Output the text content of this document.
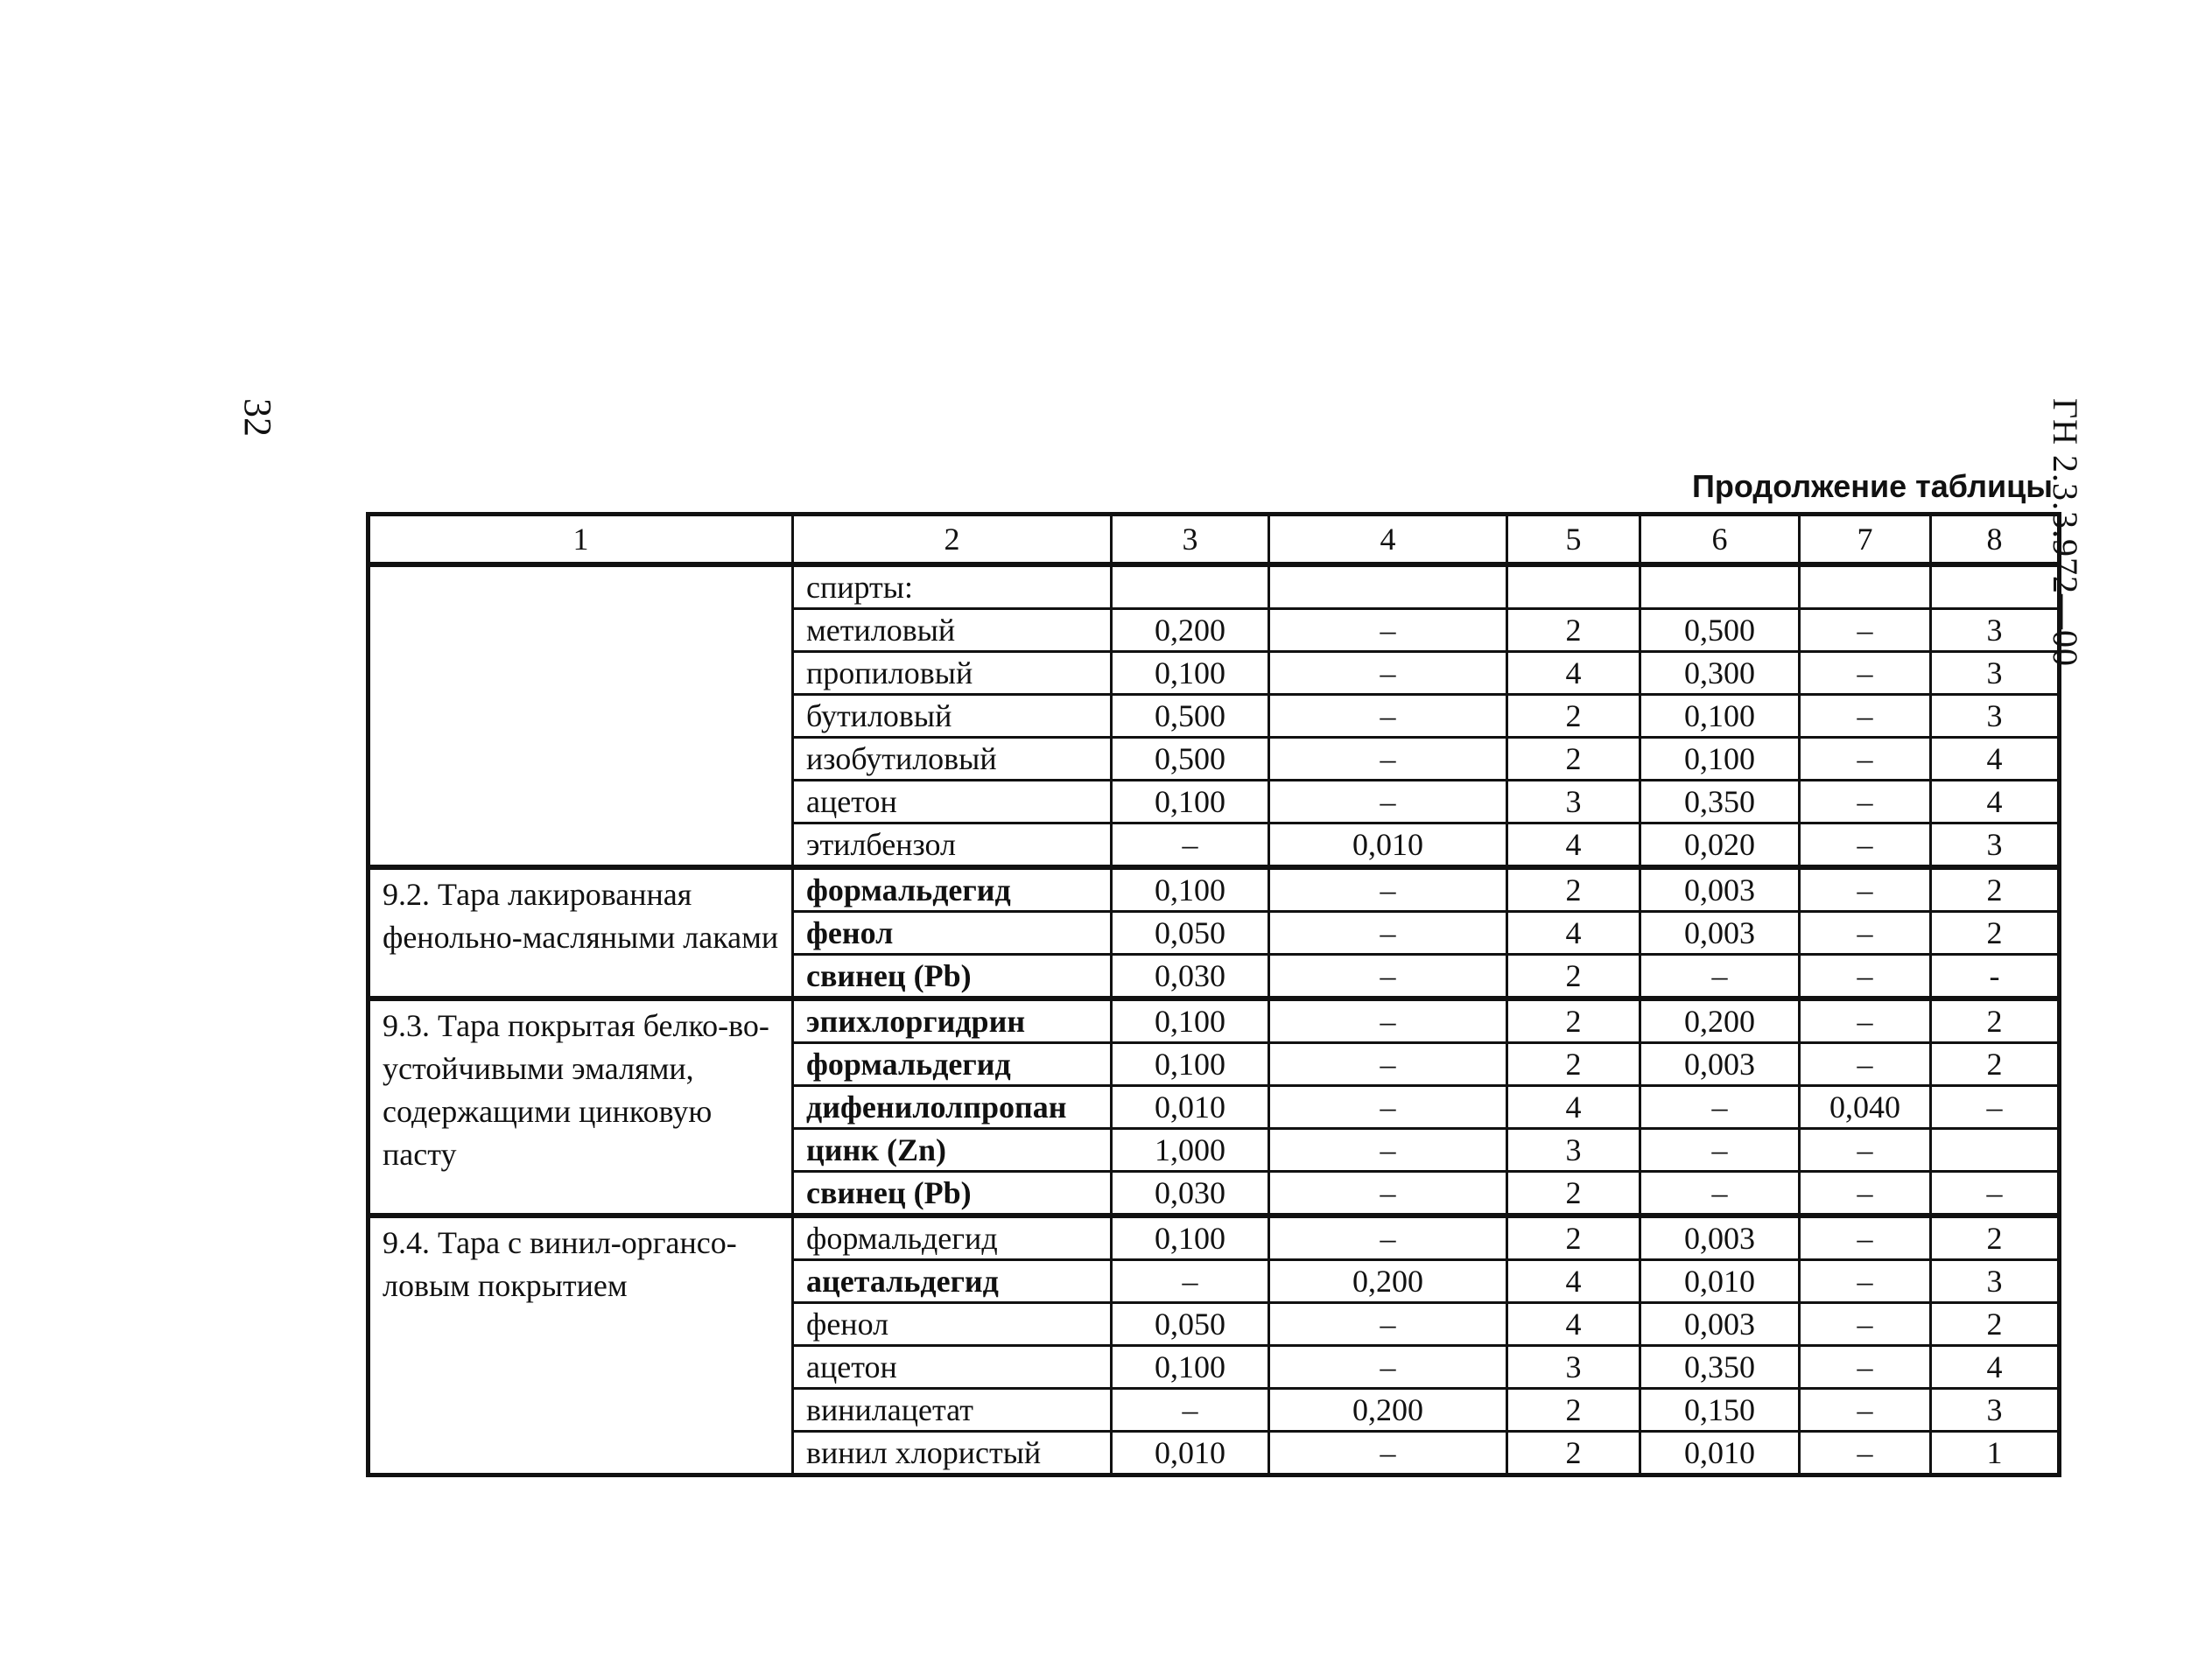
32	ГН 2.3.3.972—00
Продолжение таблицы
1	2	3	4	5	6	7	8
	спирты:						
	метиловый	0,200	–	2	0,500	–	3
	пропиловый	0,100	–	4	0,300	–	3
	бутиловый	0,500	–	2	0,100	–	3
	изобутиловый	0,500	–	2	0,100	–	4
	ацетон	0,100	–	3	0,350	–	4
	этилбензол	–	0,010	4	0,020	–	3
9.2. Тара лакированная фенольно-масляными лаками	формальдегид	0,100	–	2	0,003	–	2
	фенол	0,050	–	4	0,003	–	2
	свинец (Pb)	0,030	–	2	–	–	-
9.3. Тара покрытая белко-во-устойчивыми эмалями, содержащими цинковую пасту	эпихлоргидрин	0,100	–	2	0,200	–	2
	формальдегид	0,100	–	2	0,003	–	2
	дифенилолпропан	0,010	–	4	–	0,040	–
	цинк (Zn)	1,000	–	3	–	–	
	свинец (Pb)	0,030	–	2	–	–	–
9.4. Тара с винил-органсо-ловым покрытием	формальдегид	0,100	–	2	0,003	–	2
	ацетальдегид	–	0,200	4	0,010	–	3
	фенол	0,050	–	4	0,003	–	2
	ацетон	0,100	–	3	0,350	–	4
	винилацетат	–	0,200	2	0,150	–	3
	винил хлористый	0,010	–	2	0,010	–	1
